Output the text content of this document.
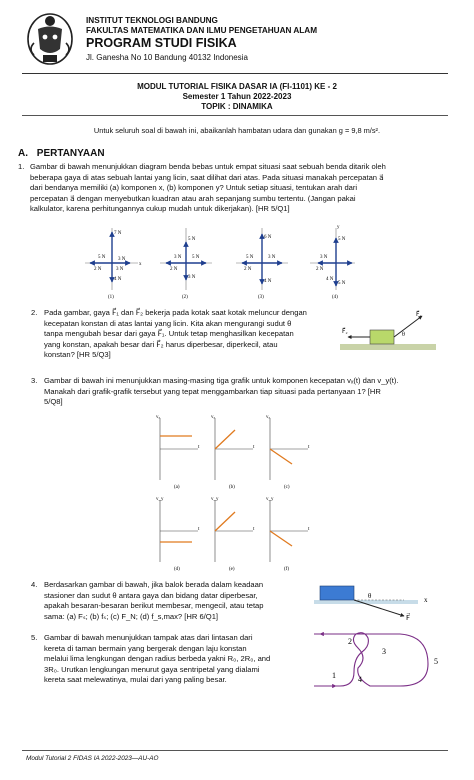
INSTITUT TEKNOLOGI BANDUNG
FAKULTAS MATEMATIKA DAN ILMU PENGETAHUAN ALAM
PROGRAM STUDI FISIKA
Jl. Ganesha No 10 Bandung 40132 Indonesia
MODUL TUTORIAL FISIKA DASAR IA (FI-1101) KE - 2
Semester 1 Tahun 2022-2023
TOPIK : DINAMIKA
Untuk seluruh soal di bawah ini, abaikanlah hambatan udara dan gunakan g = 9,8 m/s².
A. PERTANYAAN
1. Gambar di bawah menunjukkan diagram benda bebas untuk empat situasi saat sebuah benda ditarik oleh
beberapa gaya di atas sebuah lantai yang licin, saat dilihat dari atas. Pada situasi manakah percepatan a⃗
dari bendanya memiliki (a) komponen x, (b) komponen y? Untuk setiap situasi, tentukan arah dari
percepatan a⃗ dengan menyebutkan kuadran atau arah sepanjang sumbu tertentu. (Jangan pakai
kalkulator, karena perhitungannya cukup mudah untuk dikerjakan). [HR 5/Q1]
7 N
5 N
2 N
3 N
3 N
4 N
x
(1)
3 N 5 N
2 N
5 N
3 N
(2)
6 N
3 N
2 N
5 N
4 N
(3)
5 N
3 N
2 N
4 N
5 N
(4)
y
2. Pada gambar, gaya F⃗₁ dan F⃗₂ bekerja pada kotak saat kotak meluncur dengan
kecepatan konstan di atas lantai yang licin. Kita akan mengurangi sudut θ
tanpa mengubah besar dari gaya F⃗₁. Untuk tetap menghasilkan kecepatan
yang konstan, apakah besar dari F⃗₂ harus diperbesar, diperkecil, atau
konstan? [HR 5/Q3]
F⃗₁
F⃗₂	θ
3. Gambar di bawah ini menunjukkan masing-masing tiga grafik untuk komponen kecepatan vₓ(t) dan v_y(t).
Manakah dari grafik-grafik tersebut yang tepat menggambarkan tiap situasi pada pertanyaan 1? [HR
5/Q8]
vₓ
t
(a)
vₓ
t
(b)
vₓ
t
(c)
v_y
t
(d)
v_y
t
(e)
v_y
t
(f)
4. Berdasarkan gambar di bawah, jika balok berada dalam keadaan
stasioner dan sudut θ antara gaya dan bidang datar diperbesar,
apakah besaran-besaran berikut membesar, mengecil, atau tetap
sama: (a) Fₛ; (b) fₛ; (c) F_N; (d) f_s,max? [HR 6/Q1]
θ	x
F⃗
5. Gambar di bawah menunjukkan tampak atas dari lintasan dari
kereta di taman bermain yang bergerak dengan laju konstan
melalui lima lengkungan dengan radius berbeda yakni R₀, 2R₀, and
3R₀. Urutkan lengkungan menurut gaya sentripetal yang dialami
kereta saat melewatinya, mulai dari yang paling besar.	1
2
3
4
5
Modul Tutorial 2 FIDAS IA 2022-2023—AU-AO
